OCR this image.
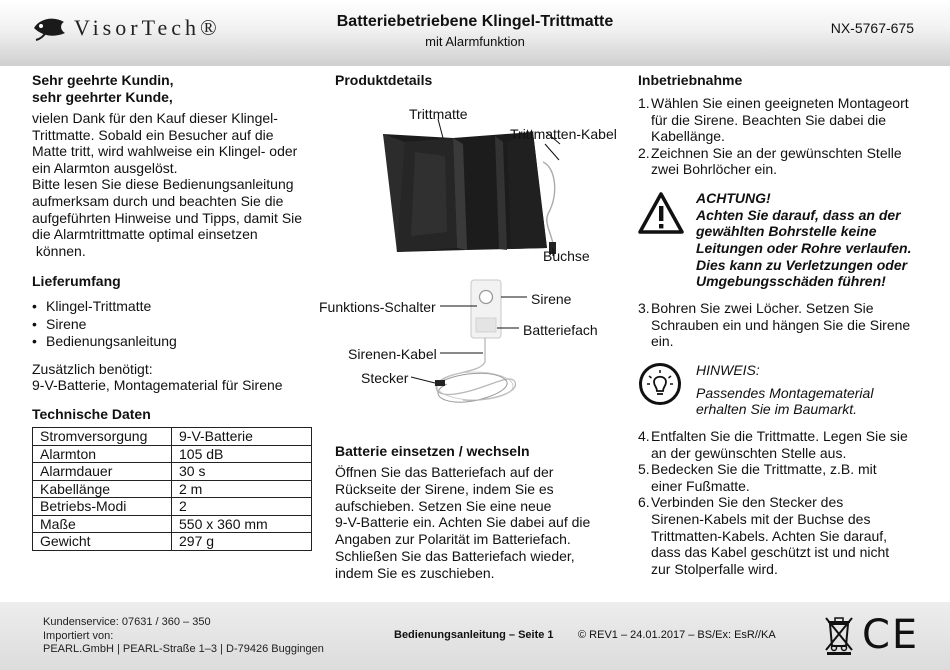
VisorTech®	Batteriebetriebene Klingel-Trittmatte
mit Alarmfunktion
NX-5767-675
Sehr geehrte Kundin,
sehr geehrter Kunde,
vielen Dank für den Kauf dieser Klingel-
Trittmatte. Sobald ein Besucher auf die
Matte tritt, wird wahlweise ein Klingel- oder
ein Alarmton ausgelöst.
Bitte lesen Sie diese Bedienungsanleitung
aufmerksam durch und beachten Sie die
aufgeführten Hinweise und Tipps, damit Sie
die Alarmtrittmatte optimal einsetzen
können.
Lieferumfang
• Klingel-Trittmatte
• Sirene
• Bedienungsanleitung
Zusätzlich benötigt:
9-V-Batterie, Montagematerial für Sirene
Technische Daten
Stromversorgung	9-V-Batterie
Alarmton	105 dB
Alarmdauer	30 s
Kabellänge	2 m
Betriebs-Modi	2
Maße	550 x 360 mm
Gewicht	297 g
Produktdetails
Trittmatte
Trittmatten-Kabel
Buchse
Funktions-Schalter	Sirene
Batteriefach
Sirenen-Kabel
Stecker
Batterie einsetzen / wechseln

Öffnen Sie das Batteriefach auf der
Rückseite der Sirene, indem Sie es
aufschieben. Setzen Sie eine neue
9-V-Batterie ein. Achten Sie dabei auf die
Angaben zur Polarität im Batteriefach.
Schließen Sie das Batteriefach wieder,
indem Sie es zuschieben.

Inbetriebnahme
1. Wählen Sie einen geeigneten Montageort
für die Sirene. Beachten Sie dabei die
Kabellänge.
2. Zeichnen Sie an der gewünschten Stelle
zwei Bohrlöcher ein.
ACHTUNG!
Achten Sie darauf, dass an der
gewählten Bohrstelle keine
Leitungen oder Rohre verlaufen.
Dies kann zu Verletzungen oder
Umgebungsschäden führen!
3. Bohren Sie zwei Löcher. Setzen Sie
Schrauben ein und hängen Sie die Sirene
ein.
HINWEIS:
Passendes Montagematerial
erhalten Sie im Baumarkt.
4. Entfalten Sie die Trittmatte. Legen Sie sie
an der gewünschten Stelle aus.
5. Bedecken Sie die Trittmatte, z.B. mit
einer Fußmatte.
6. Verbinden Sie den Stecker des
Sirenen-Kabels mit der Buchse des
Trittmatten-Kabels. Achten Sie darauf,
dass das Kabel geschützt ist und nicht
zur Stolperfalle wird.
Kundenservice: 07631 / 360 – 350
Importiert von:
PEARL.GmbH | PEARL-Straße 1–3 | D-79426 Buggingen
Bedienungsanleitung – Seite 1 © REV1 – 24.01.2017 – BS/Ex: EsR//KA CE
